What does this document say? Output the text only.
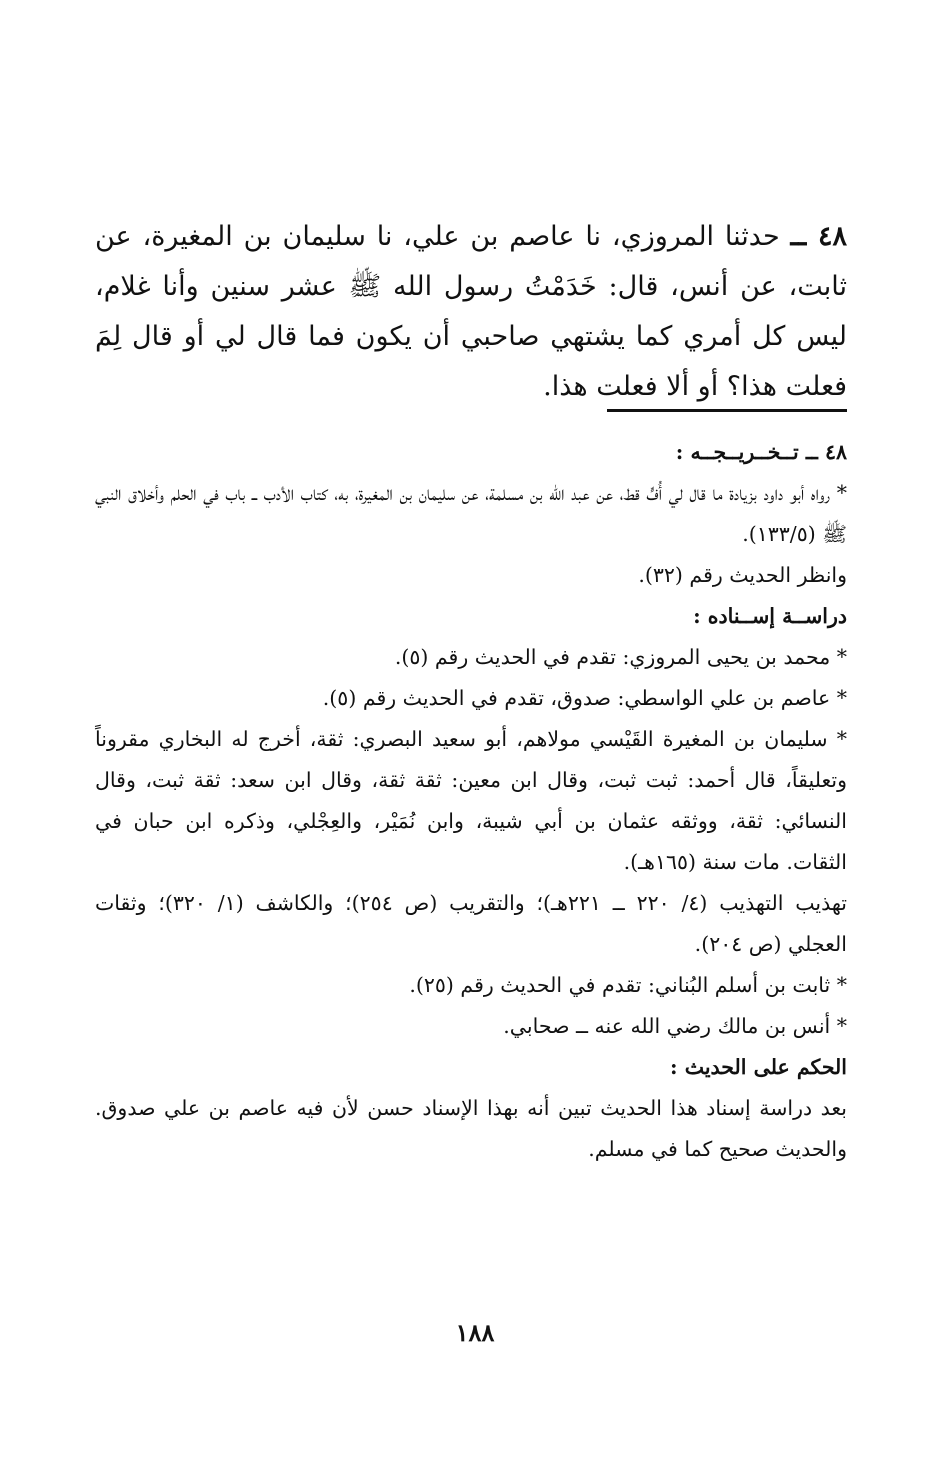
٤٨ ــ حدثنا المروزي، نا عاصم بن علي، نا سليمان بن المغيرة، عن ثابت، عن أنس، قال: خَدَمْتُ رسول الله ﷺ عشر سنين وأنا غلام، ليس كل أمري كما يشتهي صاحبي أن يكون فما قال لي أو قال لِمَ فعلت هذا؟ أو ألا فعلت هذا.

٤٨ ــ تــخــريــجــه :

* رواه أبو داود بزيادة ما قال لي أُفٍّ قط، عن عبد الله بن مسلمة، عن سليمان بن المغيرة، به، كتاب الأدب ــ باب في الحلم وأخلاق النبي ﷺ (١٣٣/٥).

وانظر الحديث رقم (٣٢).

دراســة إســناده :

* محمد بن يحيى المروزي: تقدم في الحديث رقم (٥).

* عاصم بن علي الواسطي: صدوق، تقدم في الحديث رقم (٥).

* سليمان بن المغيرة القَيْسي مولاهم، أبو سعيد البصري: ثقة، أخرج له البخاري مقروناً وتعليقاً، قال أحمد: ثبت ثبت، وقال ابن معين: ثقة ثقة، وقال ابن سعد: ثقة ثبت، وقال النسائي: ثقة، ووثقه عثمان بن أبي شيبة، وابن نُمَيْر، والعِجْلي، وذكره ابن حبان في الثقات. مات سنة (١٦٥هـ).

تهذيب التهذيب (٤/ ٢٢٠ ــ ٢٢١هـ)؛ والتقريب (ص ٢٥٤)؛ والكاشف (١/ ٣٢٠)؛ وثقات العجلي (ص ٢٠٤).

* ثابت بن أسلم البُناني: تقدم في الحديث رقم (٢٥).

* أنس بن مالك رضي الله عنه ــ صحابي.

الحكم على الحديث :

بعد دراسة إسناد هذا الحديث تبين أنه بهذا الإسناد حسن لأن فيه عاصم بن علي صدوق. والحديث صحيح كما في مسلم.

١٨٨
